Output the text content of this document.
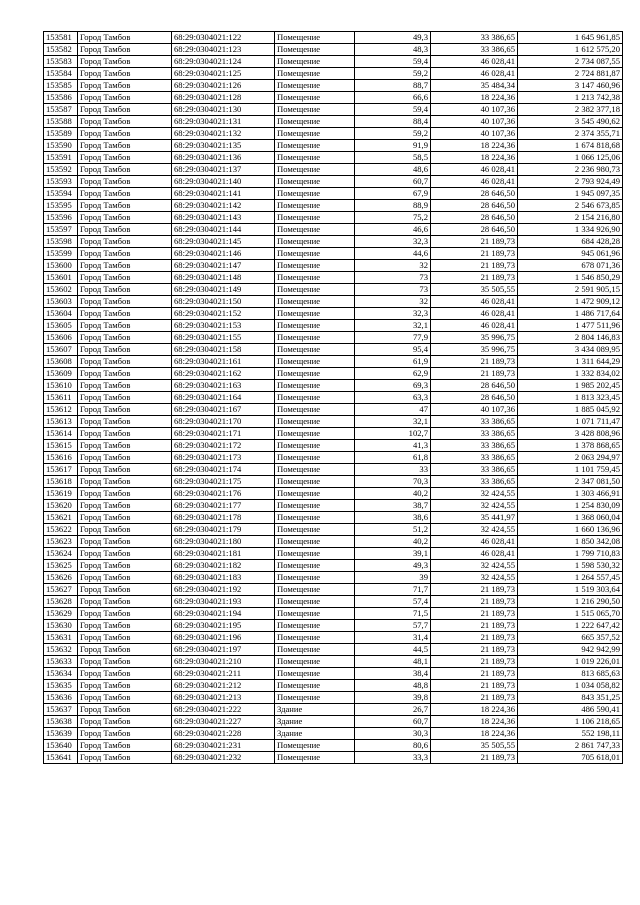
153581	Город Тамбов	68:29:0304021:122	Помещение	49,3	33 386,65	1 645 961,85
153582	Город Тамбов	68:29:0304021:123	Помещение	48,3	33 386,65	1 612 575,20
153583	Город Тамбов	68:29:0304021:124	Помещение	59,4	46 028,41	2 734 087,55
153584	Город Тамбов	68:29:0304021:125	Помещение	59,2	46 028,41	2 724 881,87
153585	Город Тамбов	68:29:0304021:126	Помещение	88,7	35 484,34	3 147 460,96
153586	Город Тамбов	68:29:0304021:128	Помещение	66,6	18 224,36	1 213 742,38
153587	Город Тамбов	68:29:0304021:130	Помещение	59,4	40 107,36	2 382 377,18
153588	Город Тамбов	68:29:0304021:131	Помещение	88,4	40 107,36	3 545 490,62
153589	Город Тамбов	68:29:0304021:132	Помещение	59,2	40 107,36	2 374 355,71
153590	Город Тамбов	68:29:0304021:135	Помещение	91,9	18 224,36	1 674 818,68
153591	Город Тамбов	68:29:0304021:136	Помещение	58,5	18 224,36	1 066 125,06
153592	Город Тамбов	68:29:0304021:137	Помещение	48,6	46 028,41	2 236 980,73
153593	Город Тамбов	68:29:0304021:140	Помещение	60,7	46 028,41	2 793 924,49
153594	Город Тамбов	68:29:0304021:141	Помещение	67,9	28 646,50	1 945 097,35
153595	Город Тамбов	68:29:0304021:142	Помещение	88,9	28 646,50	2 546 673,85
153596	Город Тамбов	68:29:0304021:143	Помещение	75,2	28 646,50	2 154 216,80
153597	Город Тамбов	68:29:0304021:144	Помещение	46,6	28 646,50	1 334 926,90
153598	Город Тамбов	68:29:0304021:145	Помещение	32,3	21 189,73	684 428,28
153599	Город Тамбов	68:29:0304021:146	Помещение	44,6	21 189,73	945 061,96
153600	Город Тамбов	68:29:0304021:147	Помещение	32	21 189,73	678 071,36
153601	Город Тамбов	68:29:0304021:148	Помещение	73	21 189,73	1 546 850,29
153602	Город Тамбов	68:29:0304021:149	Помещение	73	35 505,55	2 591 905,15
153603	Город Тамбов	68:29:0304021:150	Помещение	32	46 028,41	1 472 909,12
153604	Город Тамбов	68:29:0304021:152	Помещение	32,3	46 028,41	1 486 717,64
153605	Город Тамбов	68:29:0304021:153	Помещение	32,1	46 028,41	1 477 511,96
153606	Город Тамбов	68:29:0304021:155	Помещение	77,9	35 996,75	2 804 146,83
153607	Город Тамбов	68:29:0304021:158	Помещение	95,4	35 996,75	3 434 089,95
153608	Город Тамбов	68:29:0304021:161	Помещение	61,9	21 189,73	1 311 644,29
153609	Город Тамбов	68:29:0304021:162	Помещение	62,9	21 189,73	1 332 834,02
153610	Город Тамбов	68:29:0304021:163	Помещение	69,3	28 646,50	1 985 202,45
153611	Город Тамбов	68:29:0304021:164	Помещение	63,3	28 646,50	1 813 323,45
153612	Город Тамбов	68:29:0304021:167	Помещение	47	40 107,36	1 885 045,92
153613	Город Тамбов	68:29:0304021:170	Помещение	32,1	33 386,65	1 071 711,47
153614	Город Тамбов	68:29:0304021:171	Помещение	102,7	33 386,65	3 428 808,96
153615	Город Тамбов	68:29:0304021:172	Помещение	41,3	33 386,65	1 378 868,65
153616	Город Тамбов	68:29:0304021:173	Помещение	61,8	33 386,65	2 063 294,97
153617	Город Тамбов	68:29:0304021:174	Помещение	33	33 386,65	1 101 759,45
153618	Город Тамбов	68:29:0304021:175	Помещение	70,3	33 386,65	2 347 081,50
153619	Город Тамбов	68:29:0304021:176	Помещение	40,2	32 424,55	1 303 466,91
153620	Город Тамбов	68:29:0304021:177	Помещение	38,7	32 424,55	1 254 830,09
153621	Город Тамбов	68:29:0304021:178	Помещение	38,6	35 441,97	1 368 060,04
153622	Город Тамбов	68:29:0304021:179	Помещение	51,2	32 424,55	1 660 136,96
153623	Город Тамбов	68:29:0304021:180	Помещение	40,2	46 028,41	1 850 342,08
153624	Город Тамбов	68:29:0304021:181	Помещение	39,1	46 028,41	1 799 710,83
153625	Город Тамбов	68:29:0304021:182	Помещение	49,3	32 424,55	1 598 530,32
153626	Город Тамбов	68:29:0304021:183	Помещение	39	32 424,55	1 264 557,45
153627	Город Тамбов	68:29:0304021:192	Помещение	71,7	21 189,73	1 519 303,64
153628	Город Тамбов	68:29:0304021:193	Помещение	57,4	21 189,73	1 216 290,50
153629	Город Тамбов	68:29:0304021:194	Помещение	71,5	21 189,73	1 515 065,70
153630	Город Тамбов	68:29:0304021:195	Помещение	57,7	21 189,73	1 222 647,42
153631	Город Тамбов	68:29:0304021:196	Помещение	31,4	21 189,73	665 357,52
153632	Город Тамбов	68:29:0304021:197	Помещение	44,5	21 189,73	942 942,99
153633	Город Тамбов	68:29:0304021:210	Помещение	48,1	21 189,73	1 019 226,01
153634	Город Тамбов	68:29:0304021:211	Помещение	38,4	21 189,73	813 685,63
153635	Город Тамбов	68:29:0304021:212	Помещение	48,8	21 189,73	1 034 058,82
153636	Город Тамбов	68:29:0304021:213	Помещение	39,8	21 189,73	843 351,25
153637	Город Тамбов	68:29:0304021:222	Здание	26,7	18 224,36	486 590,41
153638	Город Тамбов	68:29:0304021:227	Здание	60,7	18 224,36	1 106 218,65
153639	Город Тамбов	68:29:0304021:228	Здание	30,3	18 224,36	552 198,11
153640	Город Тамбов	68:29:0304021:231	Помещение	80,6	35 505,55	2 861 747,33
153641	Город Тамбов	68:29:0304021:232	Помещение	33,3	21 189,73	705 618,01
